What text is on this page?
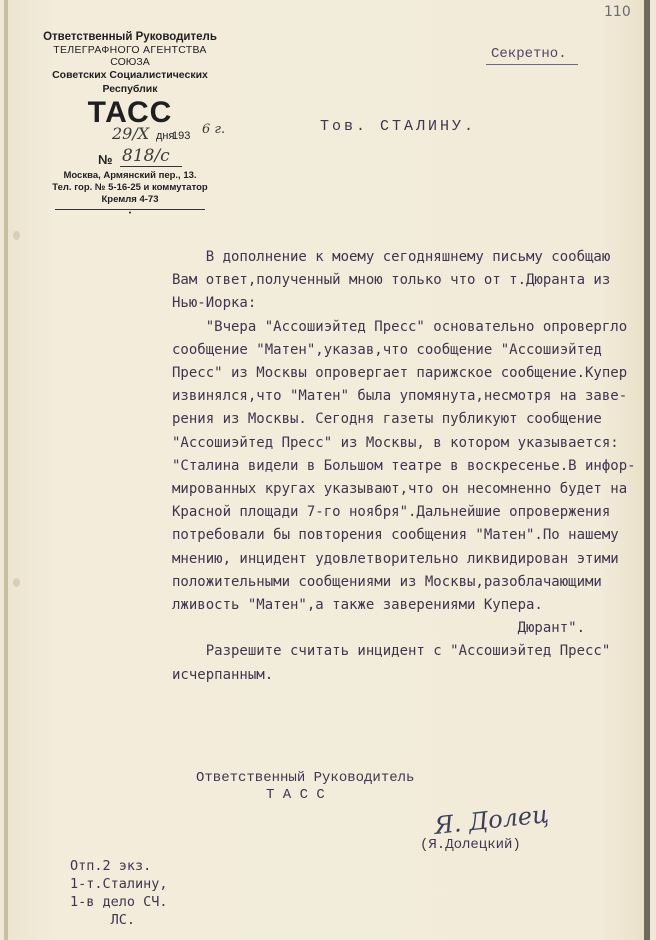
110
Ответственный Руководитель
ТЕЛЕГРАФНОГО АГЕНТСТВА
СОЮЗА
Советских Социалистических Республик
ТАСС
29/Х дня
193 6 г.
№ 818/с
Москва, Армянский пер., 13.
Тел. гор. № 5-16-25 и коммутатор
Кремля 4-73
•
Секретно.
Тов. СТАЛИНУ.
В дополнение к моему сегодняшнему письму сообщаю
Вам ответ,полученный мною только что от т.Дюранта из
Нью-Иорка:
"Вчера "Ассошиэйтед Пресс" основательно опровергло
сообщение "Матен",указав,что сообщение "Ассошиэйтед
Пресс" из Москвы опровергает парижское сообщение.Купер
извинялся,что "Матен" была упомянута,несмотря на завe-
рения из Москвы. Сегодня газеты публикуют сообщение
"Ассошиэйтед Пресс" из Москвы, в котором указывается:
"Сталина видели в Большом театре в воскресенье.В инфор-
мированных кругах указывают,что он несомненно будет на
Красной площади 7-го ноября".Дальнейшие опровержения
потребовали бы повторения сообщения "Матен".По нашему
мнению, инцидент удовлетворительно ликвидирован этими
положительными сообщениями из Москвы,разоблачающими
лживость "Матен",а также заверениями Купера.
Дюрант".
Разрешите считать инцидент с "Ассошиэйтед Пресс"
исчерпанным.
Ответственный Руководитель
Т А С С
Я. Долец
(Я.Долецкий)
Отп.2 экз.
1-т.Сталину,
1-в дело СЧ.
ЛС.
